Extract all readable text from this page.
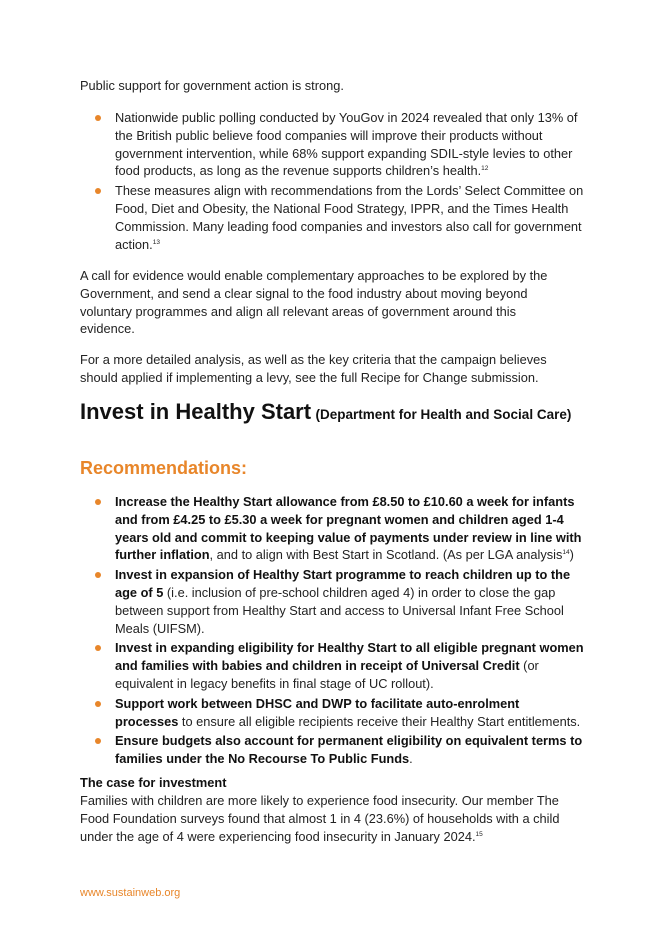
Public support for government action is strong.

Nationwide public polling conducted by YouGov in 2024 revealed that only 13% of the British public believe food companies will improve their products without government intervention, while 68% support expanding SDIL-style levies to other food products, as long as the revenue supports children’s health.$^{12}$
These measures align with recommendations from the Lords’ Select Committee on Food, Diet and Obesity, the National Food Strategy, IPPR, and the Times Health Commission. Many leading food companies and investors also call for government action.$^{13}$

A call for evidence would enable complementary approaches to be explored by the Government, and send a clear signal to the food industry about moving beyond voluntary programmes and align all relevant areas of government around this evidence.

For a more detailed analysis, as well as the key criteria that the campaign believes should applied if implementing a levy, see the full Recipe for Change submission.

Invest in Healthy Start (Department for Health and Social Care)
Recommendations:
Increase the Healthy Start allowance from £8.50 to £10.60 a week for infants and from £4.25 to £5.30 a week for pregnant women and children aged 1-4 years old and commit to keeping value of payments under review in line with further inflation, and to align with Best Start in Scotland. (As per LGA analysis$^{14}$)
Invest in expansion of Healthy Start programme to reach children up to the age of 5 (i.e. inclusion of pre-school children aged 4) in order to close the gap between support from Healthy Start and access to Universal Infant Free School Meals (UIFSM).
Invest in expanding eligibility for Healthy Start to all eligible pregnant women and families with babies and children in receipt of Universal Credit (or equivalent in legacy benefits in final stage of UC rollout).
Support work between DHSC and DWP to facilitate auto-enrolment processes to ensure all eligible recipients receive their Healthy Start entitlements.
Ensure budgets also account for permanent eligibility on equivalent terms to families under the No Recourse To Public Funds.
The case for investment

Families with children are more likely to experience food insecurity. Our member The Food Foundation surveys found that almost 1 in 4 (23.6%) of households with a child under the age of 4 were experiencing food insecurity in January 2024.15

www.sustainweb.org
